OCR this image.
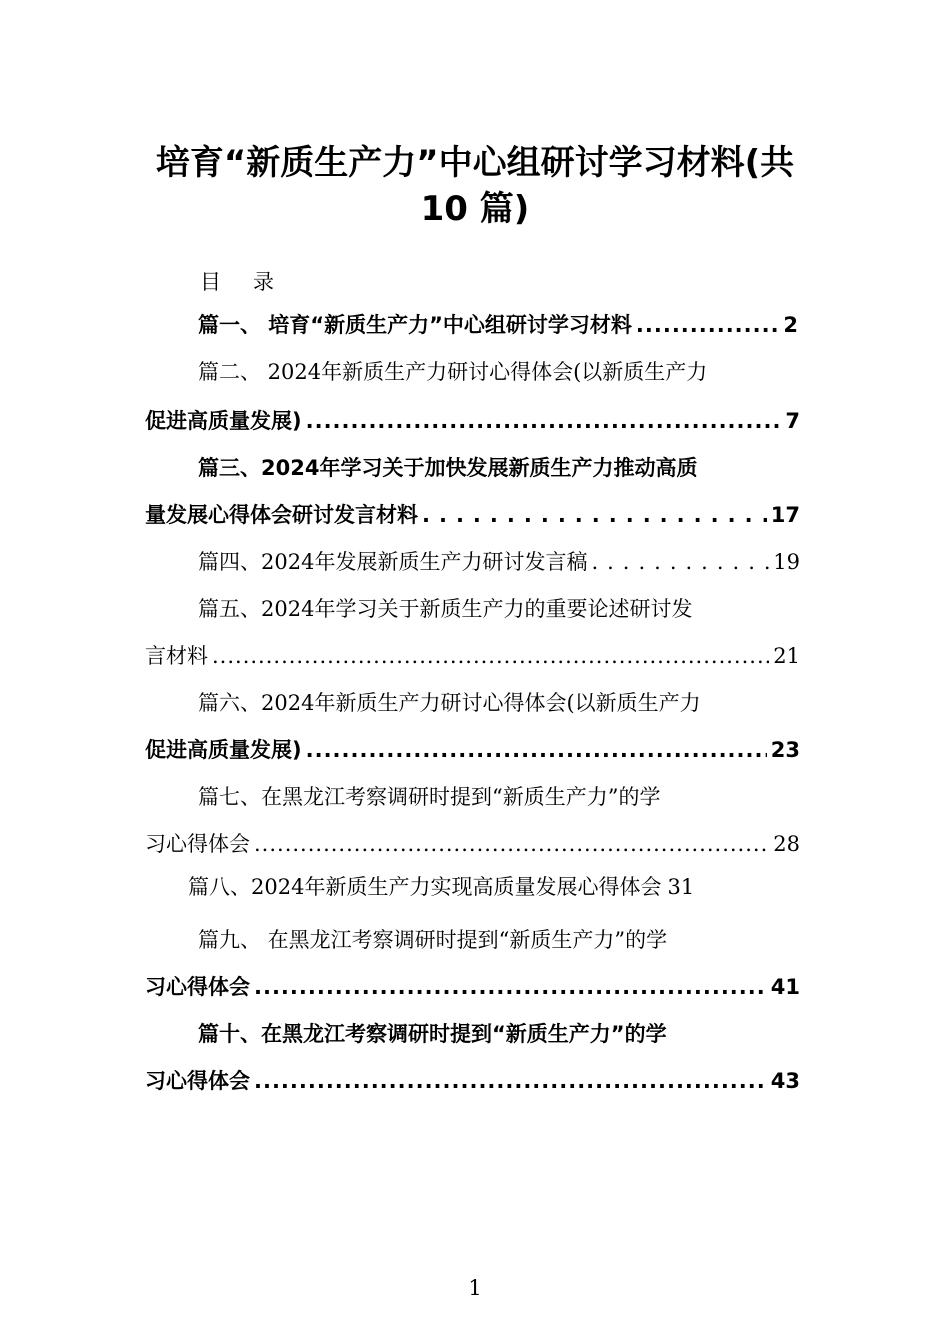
培育“新质生产力”中心组研讨学习材料(共
10 篇)
目录
篇一、 培育“新质生产力”中心组研讨学习材料 .....	2
篇二、 2024年新质生产力研讨心得体会(以新质生产力
促进高质量发展) .....	7
篇三、2024年学习关于加快发展新质生产力推动高质
量发展心得体会研讨发言材料 .....	17
篇四、2024年发展新质生产力研讨发言稿 .....	19
篇五、2024年学习关于新质生产力的重要论述研讨发
言材料 .....	21
篇六、2024年新质生产力研讨心得体会(以新质生产力
促进高质量发展) .....	23
篇七、在黑龙江考察调研时提到“新质生产力”的学
习心得体会 .....	28
篇八、2024年新质生产力实现高质量发展心得体会 31
篇九、 在黑龙江考察调研时提到“新质生产力”的学
习心得体会 .....	41
篇十、在黑龙江考察调研时提到“新质生产力”的学
习心得体会 .....	43
1
